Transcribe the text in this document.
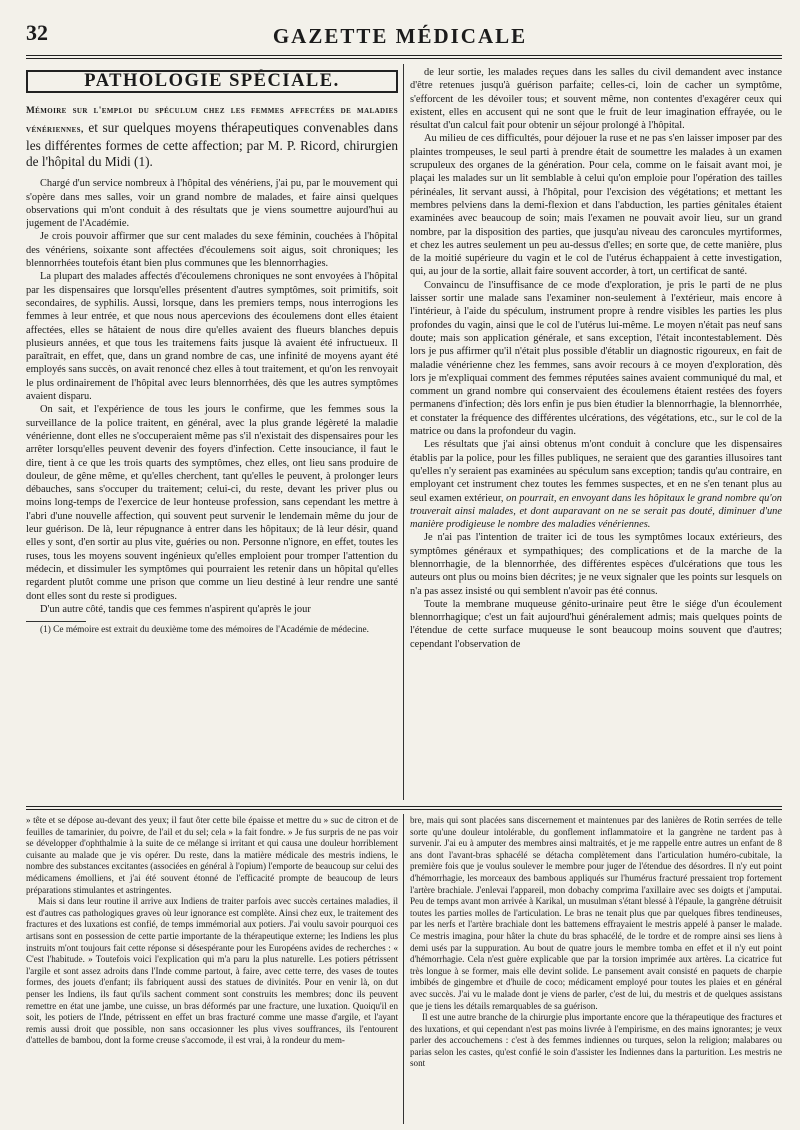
32	GAZETTE MÉDICALE
PATHOLOGIE SPÉCIALE.

Mémoire sur l'emploi du spéculum chez les femmes affectées de maladies vénériennes, et sur quelques moyens thérapeutiques convenables dans les différentes formes de cette affection; par M. P. Ricord, chirurgien de l'hôpital du Midi (1).

Chargé d'un service nombreux à l'hôpital des vénériens, j'ai pu, par le mouvement qui s'opère dans mes salles, voir un grand nombre de malades, et faire ainsi quelques observations qui m'ont conduit à des résultats que je viens soumettre aujourd'hui au jugement de l'Académie.

Je crois pouvoir affirmer que sur cent malades du sexe féminin, couchées à l'hôpital des vénériens, soixante sont affectées d'écoulemens soit aigus, soit chroniques; les blennorrhées toutefois étant bien plus communes que les blennorrhagies.

La plupart des malades affectés d'écoulemens chroniques ne sont envoyées à l'hôpital par les dispensaires que lorsqu'elles présentent d'autres symptômes, soit primitifs, soit secondaires, de syphilis. Aussi, lorsque, dans les premiers temps, nous interrogions les femmes à leur entrée, et que nous nous apercevions des écoulemens dont elles étaient affectées, elles se hâtaient de nous dire qu'elles avaient des flueurs blanches depuis plusieurs années, et que tous les traitemens faits jusque là avaient été infructueux. Il paraîtrait, en effet, que, dans un grand nombre de cas, une infinité de moyens ayant été employés sans succès, on avait renoncé chez elles à tout traitement, et qu'on les renvoyait le plus ordinairement de l'hôpital avec leurs blennorrhées, dès que les autres symptômes avaient disparu.

On sait, et l'expérience de tous les jours le confirme, que les femmes sous la surveillance de la police traitent, en général, avec la plus grande légèreté la maladie vénérienne, dont elles ne s'occuperaient même pas s'il n'existait des dispensaires pour les arrêter lorsqu'elles peuvent devenir des foyers d'infection. Cette insouciance, il faut le dire, tient à ce que les trois quarts des symptômes, chez elles, ont lieu sans produire de douleur, de gêne même, et qu'elles cherchent, tant qu'elles le peuvent, à prolonger leurs débauches, sans s'occuper du traitement; celui-ci, du reste, devant les priver plus ou moins long-temps de l'exercice de leur honteuse profession, sans cependant les mettre à l'abri d'une nouvelle affection, qui souvent peut survenir le lendemain même du jour de leur guérison. De là, leur répugnance à entrer dans les hôpitaux; de là leur désir, quand elles y sont, d'en sortir au plus vite, guéries ou non. Personne n'ignore, en effet, toutes les ruses, tous les moyens souvent ingénieux qu'elles emploient pour tromper l'attention du médecin, et dissimuler les symptômes qui pourraient les retenir dans un hôpital qu'elles regardent plutôt comme une prison que comme un lieu destiné à leur rendre une santé dont elles sont du reste si prodigues.

D'un autre côté, tandis que ces femmes n'aspirent qu'après le jour

(1) Ce mémoire est extrait du deuxième tome des mémoires de l'Académie de médecine.

de leur sortie, les malades reçues dans les salles du civil demandent avec instance d'être retenues jusqu'à guérison parfaite; celles-ci, loin de cacher un symptôme, s'efforcent de les dévoiler tous; et souvent même, non contentes d'exagérer ceux qui existent, elles en accusent qui ne sont que le fruit de leur imagination effrayée, ou le résultat d'un calcul fait pour obtenir un séjour prolongé à l'hôpital.

Au milieu de ces difficultés, pour déjouer la ruse et ne pas s'en laisser imposer par des plaintes trompeuses, le seul parti à prendre était de soumettre les malades à un examen scrupuleux des organes de la génération. Pour cela, comme on le faisait avant moi, je plaçai les malades sur un lit semblable à celui qu'on emploie pour l'opération des tailles périnéales, lit servant aussi, à l'hôpital, pour l'excision des végétations; et mettant les membres pelviens dans la demi-flexion et dans l'abduction, les parties génitales étaient examinées avec beaucoup de soin; mais l'examen ne pouvait avoir lieu, sur un grand nombre, par la disposition des parties, que jusqu'au niveau des caroncules myrtiformes, et chez les autres seulement un peu au-dessus d'elles; en sorte que, de cette manière, plus de la moitié supérieure du vagin et le col de l'utérus échappaient à cette investigation, qui, au jour de la sortie, allait faire souvent accorder, à tort, un certificat de santé.

Convaincu de l'insuffisance de ce mode d'exploration, je pris le parti de ne plus laisser sortir une malade sans l'examiner non-seulement à l'extérieur, mais encore à l'intérieur, à l'aide du spéculum, instrument propre à rendre visibles les parties les plus profondes du vagin, ainsi que le col de l'utérus lui-même. Le moyen n'était pas neuf sans doute; mais son application générale, et sans exception, l'était incontestablement. Dès lors je pus affirmer qu'il n'était plus possible d'établir un diagnostic rigoureux, en fait de maladie vénérienne chez les femmes, sans avoir recours à ce moyen d'exploration, dès lors je m'expliquai comment des femmes réputées saines avaient communiqué du mal, et comment un grand nombre qui conservaient des écoulemens étaient restées des foyers permanens d'infection; dès lors enfin je pus bien étudier la blennorrhagie, la blennorrhée, et constater la fréquence des différentes ulcérations, des végétations, etc., sur le col de la matrice ou dans la profondeur du vagin.

Les résultats que j'ai ainsi obtenus m'ont conduit à conclure que les dispensaires établis par la police, pour les filles publiques, ne seraient que des garanties illusoires tant qu'elles n'y seraient pas examinées au spéculum sans exception; tandis qu'au contraire, en employant cet instrument chez toutes les femmes suspectes, et en ne s'en tenant plus au seul examen extérieur, on pourrait, en envoyant dans les hôpitaux le grand nombre qu'on trouverait ainsi malades, et dont auparavant on ne se serait pas douté, diminuer d'une manière prodigieuse le nombre des maladies vénériennes.

Je n'ai pas l'intention de traiter ici de tous les symptômes locaux extérieurs, des symptômes généraux et sympathiques; des complications et de la marche de la blennorrhagie, de la blennorrhée, des différentes espèces d'ulcérations que tous les auteurs ont plus ou moins bien décrites; je ne veux signaler que les points sur lesquels on n'a pas assez insisté ou qui semblent n'avoir pas été connus.

Toute la membrane muqueuse génito-urinaire peut être le siége d'un écoulement blennorrhagique; c'est un fait aujourd'hui généralement admis; mais quelques points de l'étendue de cette surface muqueuse le sont beaucoup moins souvent que d'autres; cependant l'observation de

» tête et se dépose au-devant des yeux; il faut ôter cette bile épaisse et mettre du » suc de citron et de feuilles de tamarinier, du poivre, de l'ail et du sel; cela » la fait fondre. » Je fus surpris de ne pas voir se développer d'ophthalmie à la suite de ce mélange si irritant et qui causa une douleur horriblement cuisante au malade que je vis opérer. Du reste, dans la matière médicale des mestris indiens, le nombre des substances excitantes (associées en général à l'opium) l'emporte de beaucoup sur celui des médicamens émolliens, et j'ai été souvent étonné de l'efficacité prompte de beaucoup de leurs préparations stimulantes et astringentes.

Mais si dans leur routine il arrive aux Indiens de traiter parfois avec succès certaines maladies, il est d'autres cas pathologiques graves où leur ignorance est complète. Ainsi chez eux, le traitement des fractures et des luxations est confié, de temps immémorial aux potiers. J'ai voulu savoir pourquoi ces artisans sont en possession de cette partie importante de la thérapeutique externe; les Indiens les plus instruits m'ont toujours fait cette réponse si désespérante pour les Européens avides de recherches : « C'est l'habitude. » Toutefois voici l'explication qui m'a paru la plus naturelle. Les potiers pétrissent l'argile et sont assez adroits dans l'Inde comme partout, à faire, avec cette terre, des vases de toutes formes, des jouets d'enfant; ils fabriquent aussi des statues de divinités. Pour en venir là, on dut penser les Indiens, ils faut qu'ils sachent comment sont construits les membres; donc ils peuvent remettre en état une jambe, une cuisse, un bras déformés par une fracture, une luxation. Quoiqu'il en soit, les potiers de l'Inde, pétrissent en effet un bras fracturé comme une masse d'argile, et l'ayant remis aussi droit que possible, non sans occasionner les plus vives souffrances, ils l'entourent d'attelles de bambou, dont la forme creuse s'accomode, il est vrai, à la rondeur du mem-

bre, mais qui sont placées sans discernement et maintenues par des lanières de Rotin serrées de telle sorte qu'une douleur intolérable, du gonflement inflammatoire et la gangrène ne tardent pas à survenir. J'ai eu à amputer des membres ainsi maltraités, et je me rappelle entre autres un enfant de 8 ans dont l'avant-bras sphacélé se détacha complètement dans l'articulation huméro-cubitale, la première fois que je voulus soulever le membre pour juger de l'étendue des désordres. Il n'y eut point d'hémorrhagie, les morceaux des bambous appliqués sur l'humérus fracturé pressaient trop fortement l'artère brachiale. J'enlevai l'appareil, mon dobachy comprima l'axillaire avec ses doigts et j'amputai. Peu de temps avant mon arrivée à Karikal, un musulman s'étant blessé à l'épaule, la gangrène détruisit toutes les parties molles de l'articulation. Le bras ne tenait plus que par quelques fibres tendineuses, par les nerfs et l'artère brachiale dont les battemens effrayaient le mestris appelé à panser le malade. Ce mestris imagina, pour hâter la chute du bras sphacélé, de le tordre et de rompre ainsi ses liens à demi usés par la suppuration. Au bout de quatre jours le membre tomba en effet et il n'y eut point d'hémorrhagie. Cela n'est guère explicable que par la torsion imprimée aux artères. La cicatrice fut très longue à se former, mais elle devint solide. Le pansement avait consisté en paquets de charpie imbibés de gingembre et d'huile de coco; médicament employé pour toutes les plaies et en général avec succès. J'ai vu le malade dont je viens de parler, c'est de lui, du mestris et de quelques assistans que je tiens les détails remarquables de sa guérison.

Il est une autre branche de la chirurgie plus importante encore que la thérapeutique des fractures et des luxations, et qui cependant n'est pas moins livrée à l'empirisme, en des mains ignorantes; je veux parler des accouchemens : c'est à des femmes indiennes ou turques, selon la religion; malabares ou parias selon les castes, qu'est confié le soin d'assister les Indiennes dans la parturition. Les mestris ne sont
